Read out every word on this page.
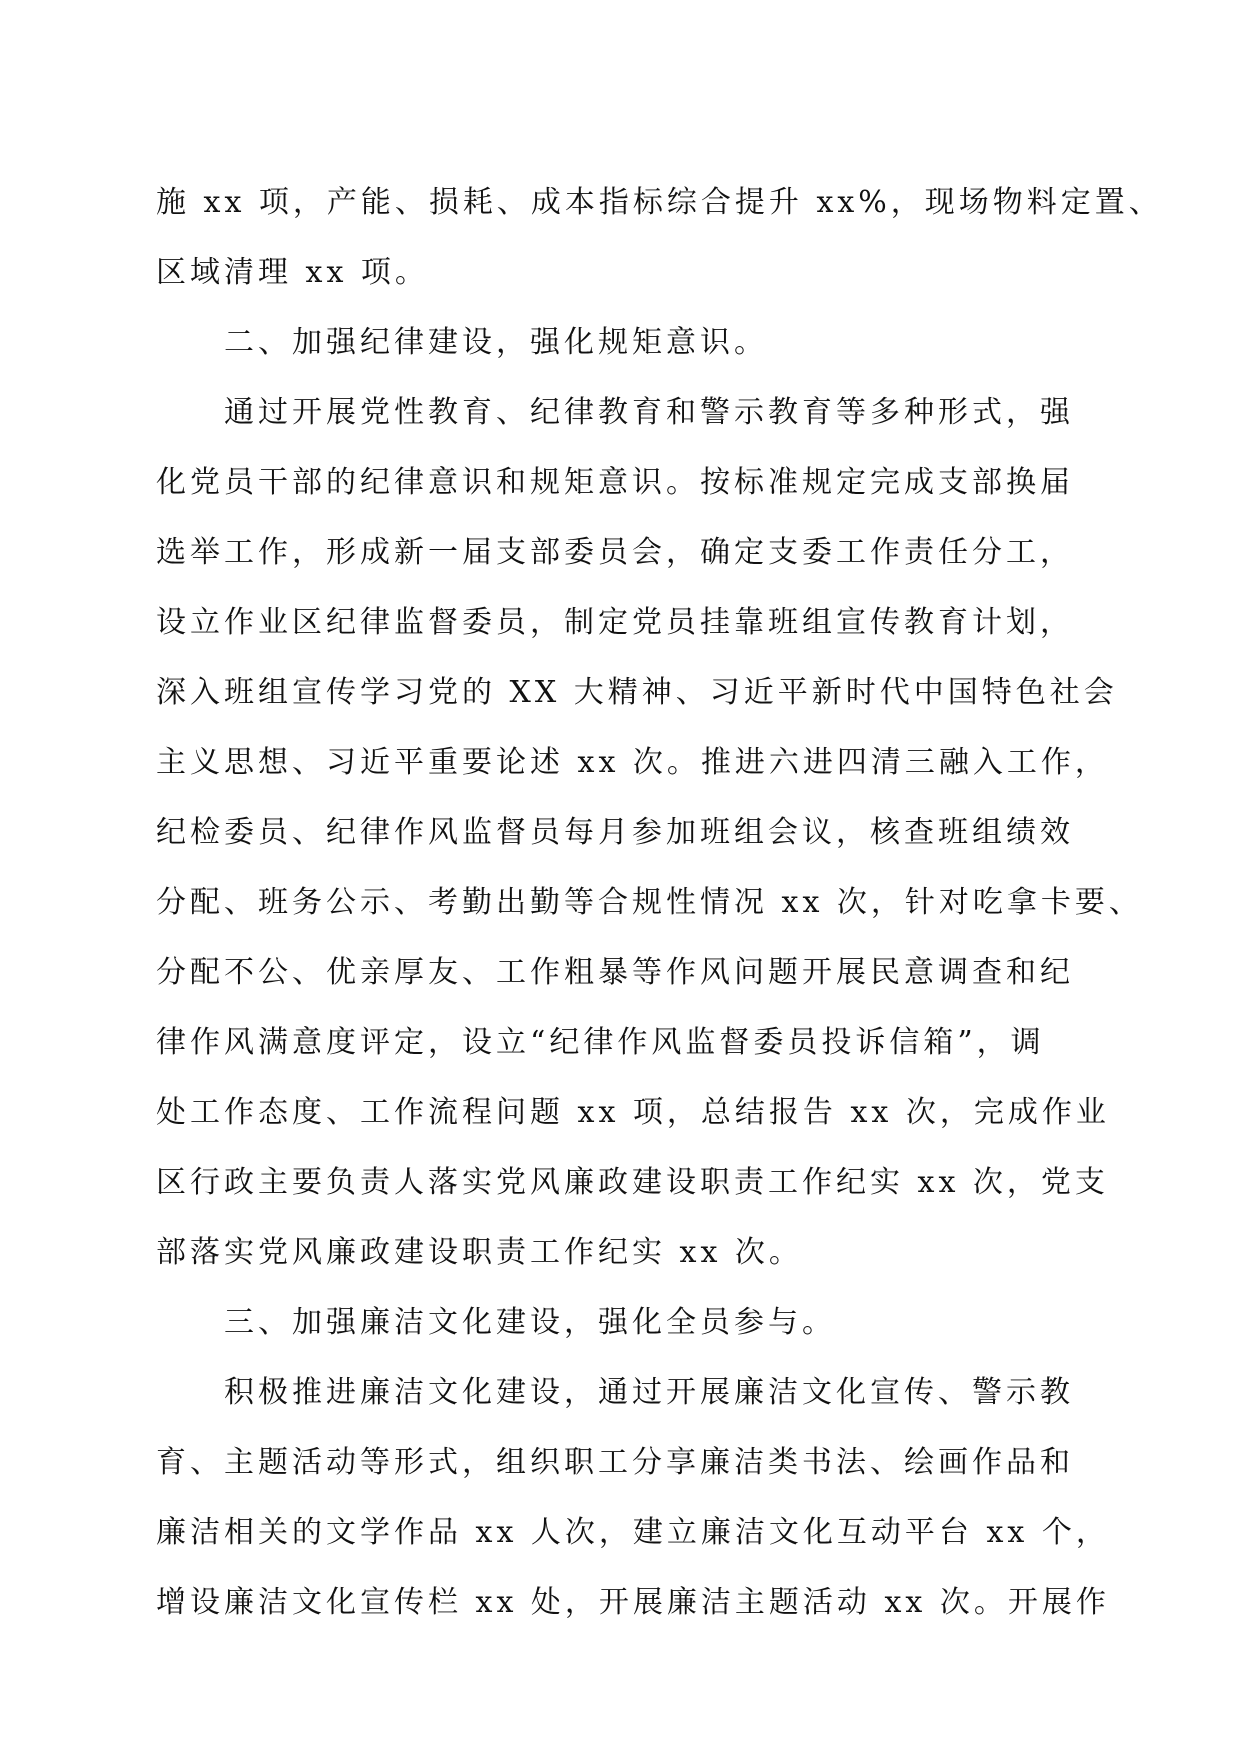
施 xx 项，产能、损耗、成本指标综合提升 xx%，现场物料定置、
区域清理 xx 项。
二、加强纪律建设，强化规矩意识。
通过开展党性教育、纪律教育和警示教育等多种形式，强
化党员干部的纪律意识和规矩意识。按标准规定完成支部换届
选举工作，形成新一届支部委员会，确定支委工作责任分工，
设立作业区纪律监督委员，制定党员挂靠班组宣传教育计划，
深入班组宣传学习党的 XX 大精神、习近平新时代中国特色社会
主义思想、习近平重要论述 xx 次。推进六进四清三融入工作，
纪检委员、纪律作风监督员每月参加班组会议，核查班组绩效
分配、班务公示、考勤出勤等合规性情况 xx 次，针对吃拿卡要、
分配不公、优亲厚友、工作粗暴等作风问题开展民意调查和纪
律作风满意度评定，设立“纪律作风监督委员投诉信箱”，调
处工作态度、工作流程问题 xx 项，总结报告 xx 次，完成作业
区行政主要负责人落实党风廉政建设职责工作纪实 xx 次，党支
部落实党风廉政建设职责工作纪实 xx 次。
三、加强廉洁文化建设，强化全员参与。
积极推进廉洁文化建设，通过开展廉洁文化宣传、警示教
育、主题活动等形式，组织职工分享廉洁类书法、绘画作品和
廉洁相关的文学作品 xx 人次，建立廉洁文化互动平台 xx 个，
增设廉洁文化宣传栏 xx 处，开展廉洁主题活动 xx 次。开展作
